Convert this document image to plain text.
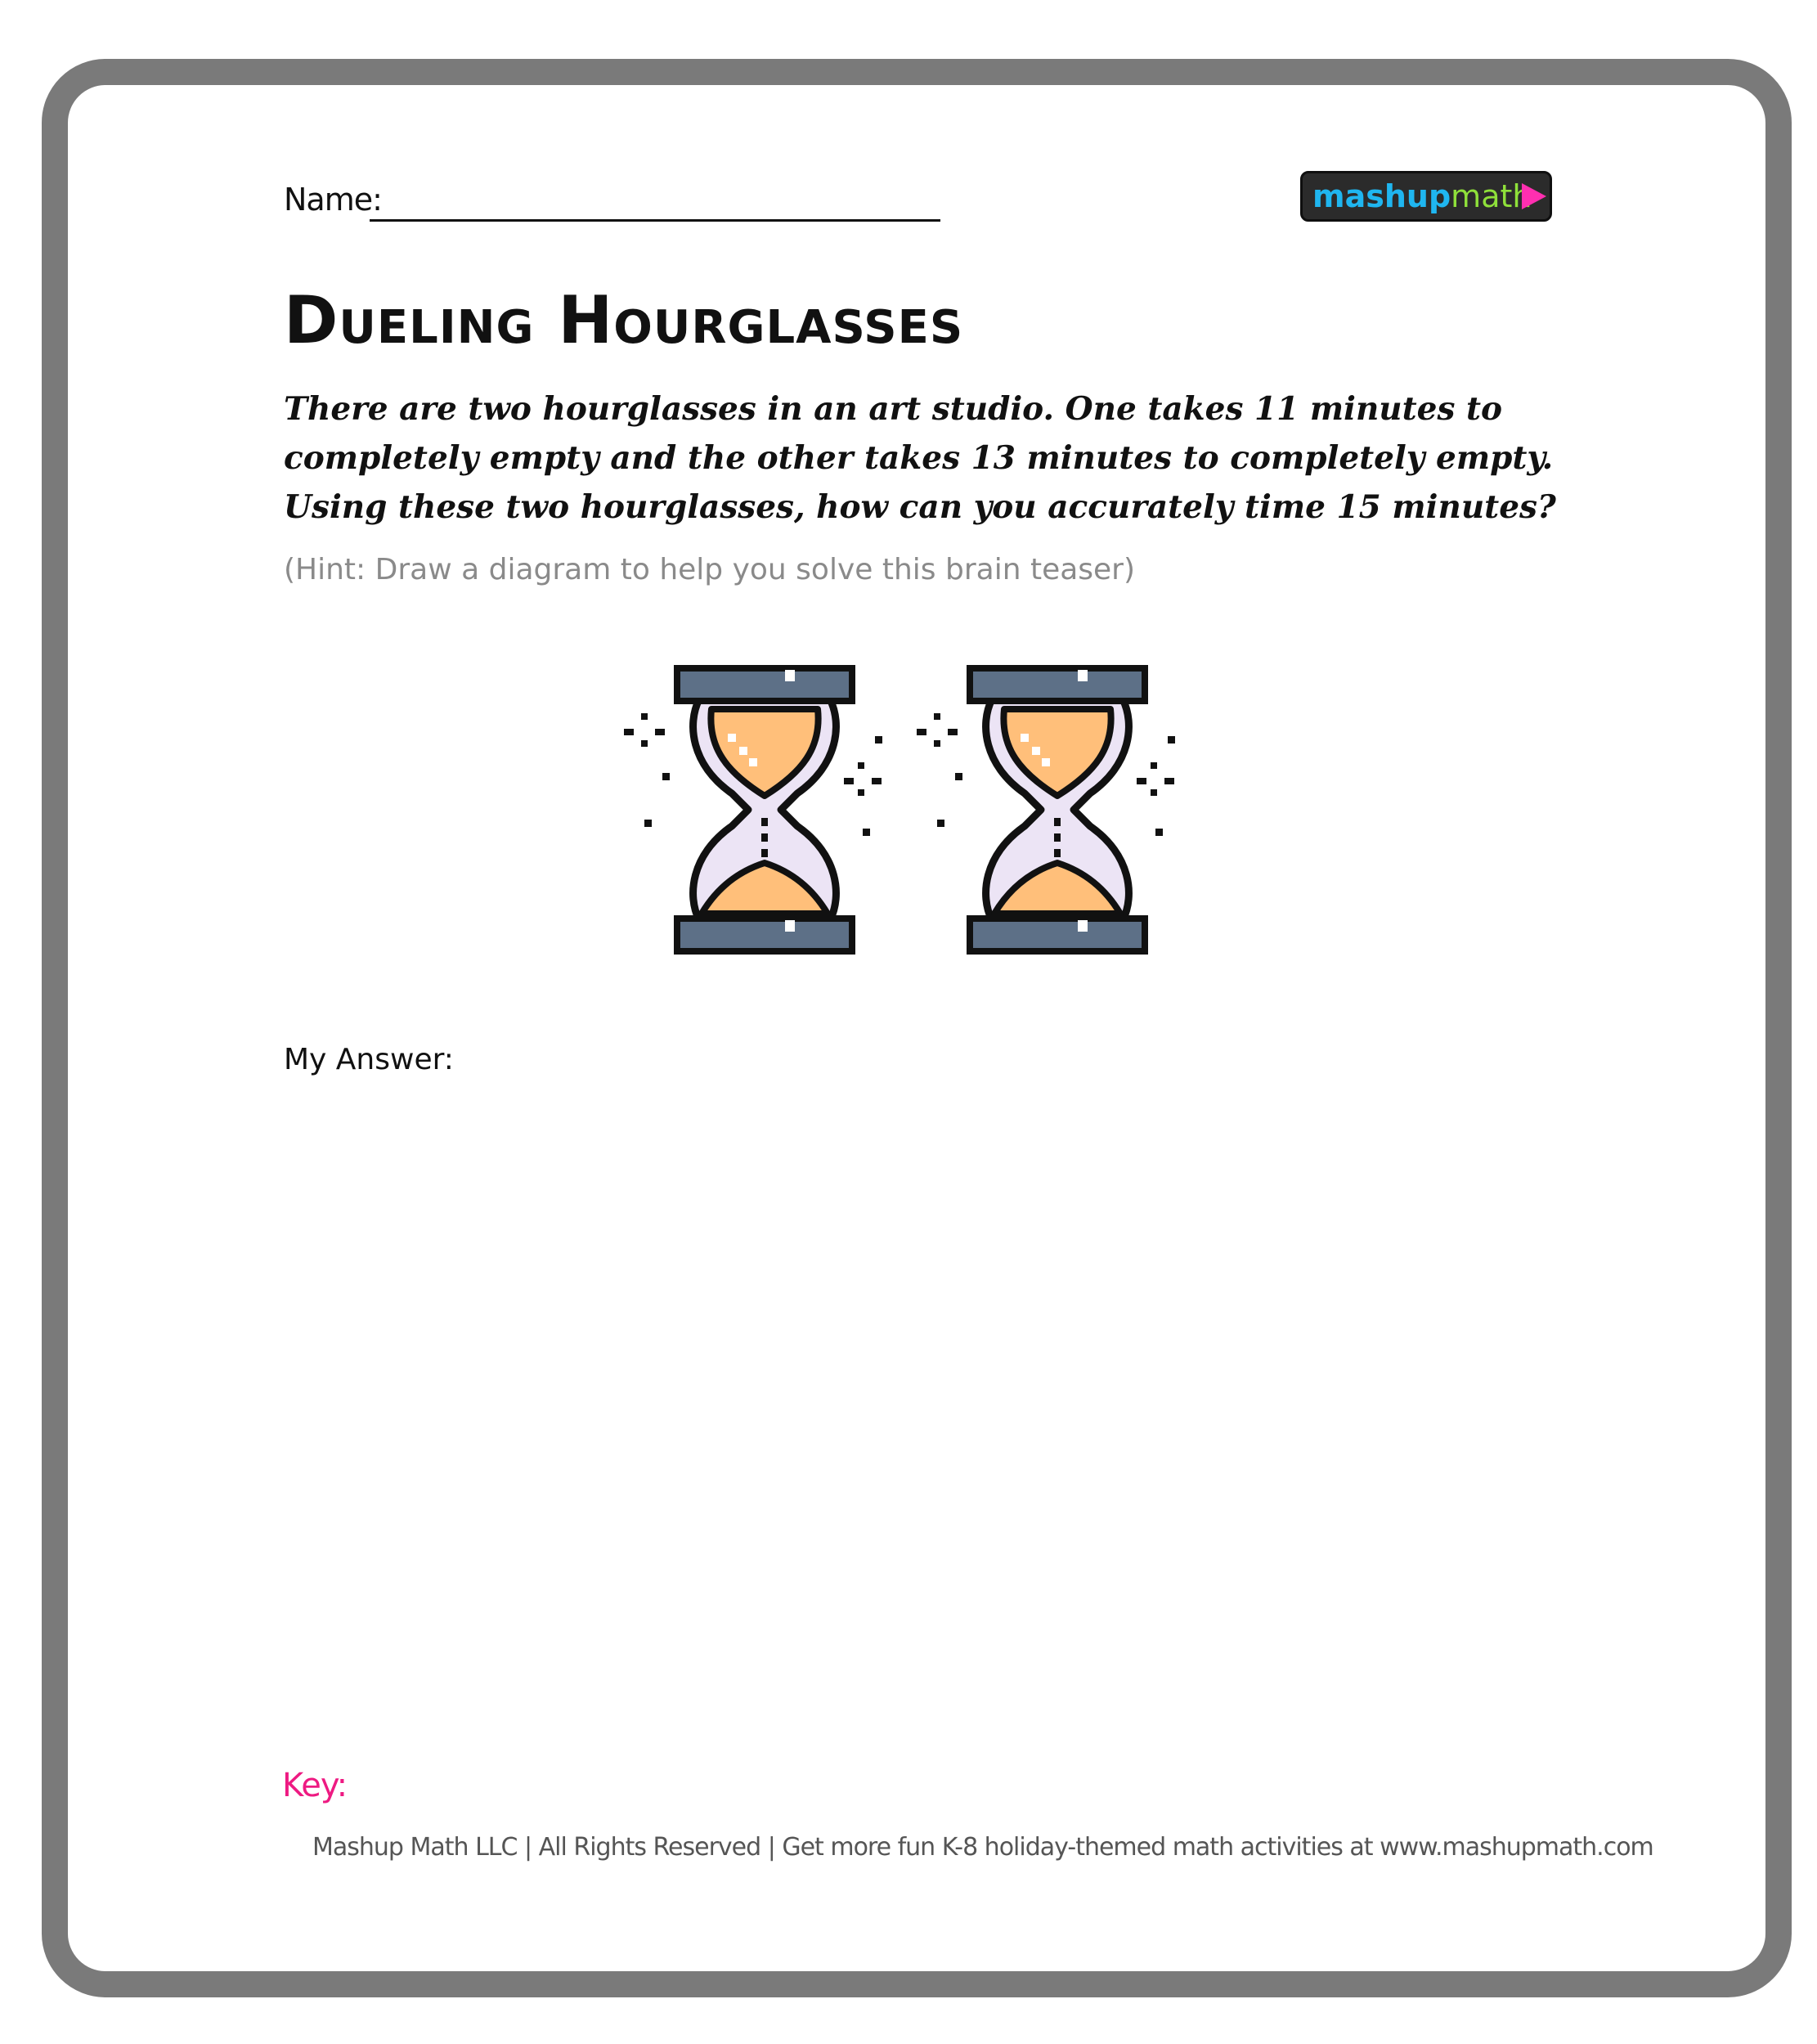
Name:	mashupmath
Dueling Hourglasses
There are two hourglasses in an art studio. One takes 11 minutes to completely empty and the other takes 13 minutes to completely empty. Using these two hourglasses, how can you accurately time 15 minutes?
(Hint: Draw a diagram to help you solve this brain teaser)
My Answer:
Key:
Mashup Math LLC | All Rights Reserved | Get more fun K-8 holiday-themed math activities at www.mashupmath.com
